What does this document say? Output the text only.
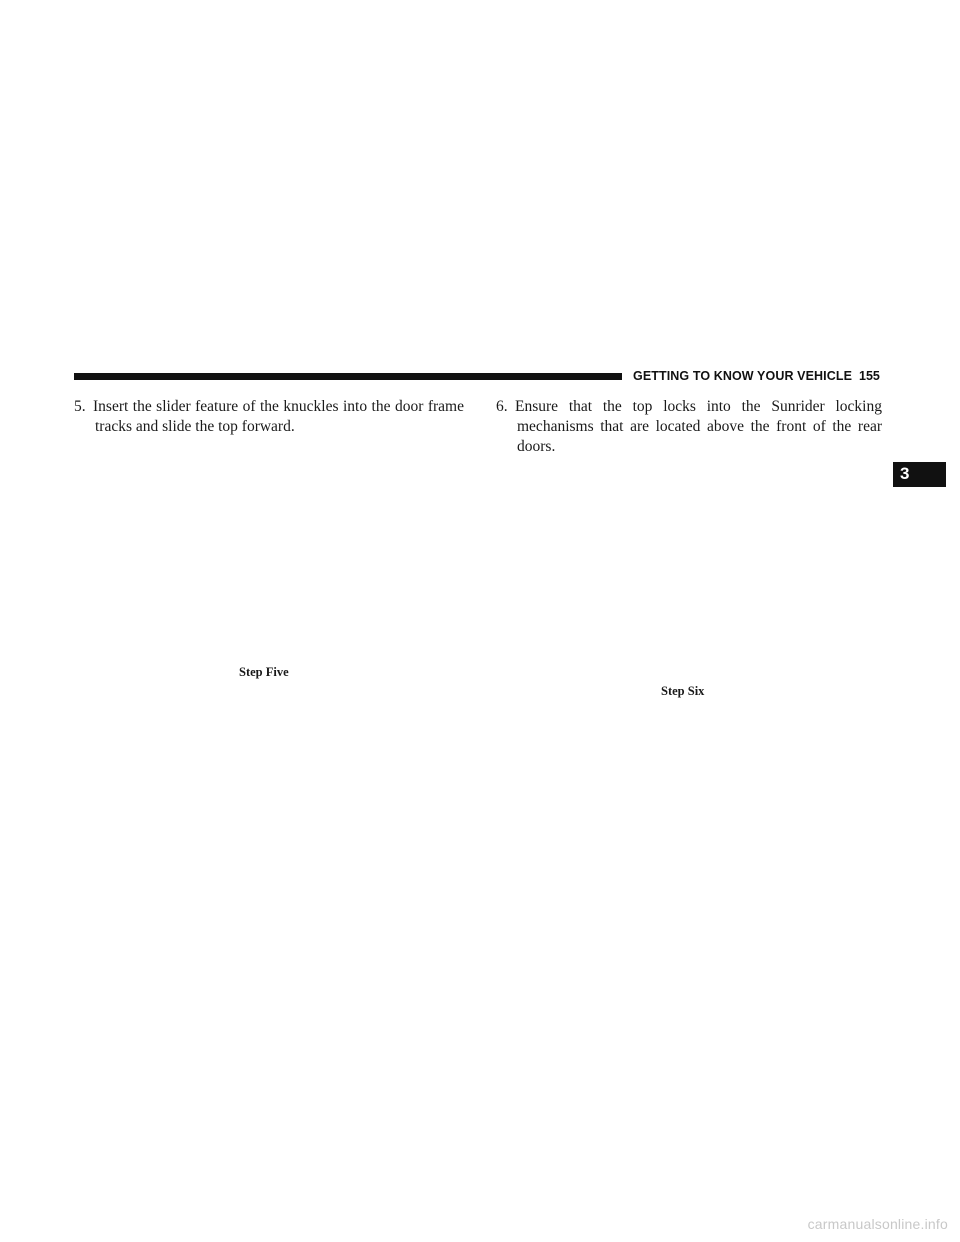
GETTING TO KNOW YOUR VEHICLE 155
3
5. Insert the slider feature of the knuckles into the door frame tracks and slide the top forward.
Step Five
6. Ensure that the top locks into the Sunrider locking mechanisms that are located above the front of the rear doors.
Step Six
carmanualsonline.info
